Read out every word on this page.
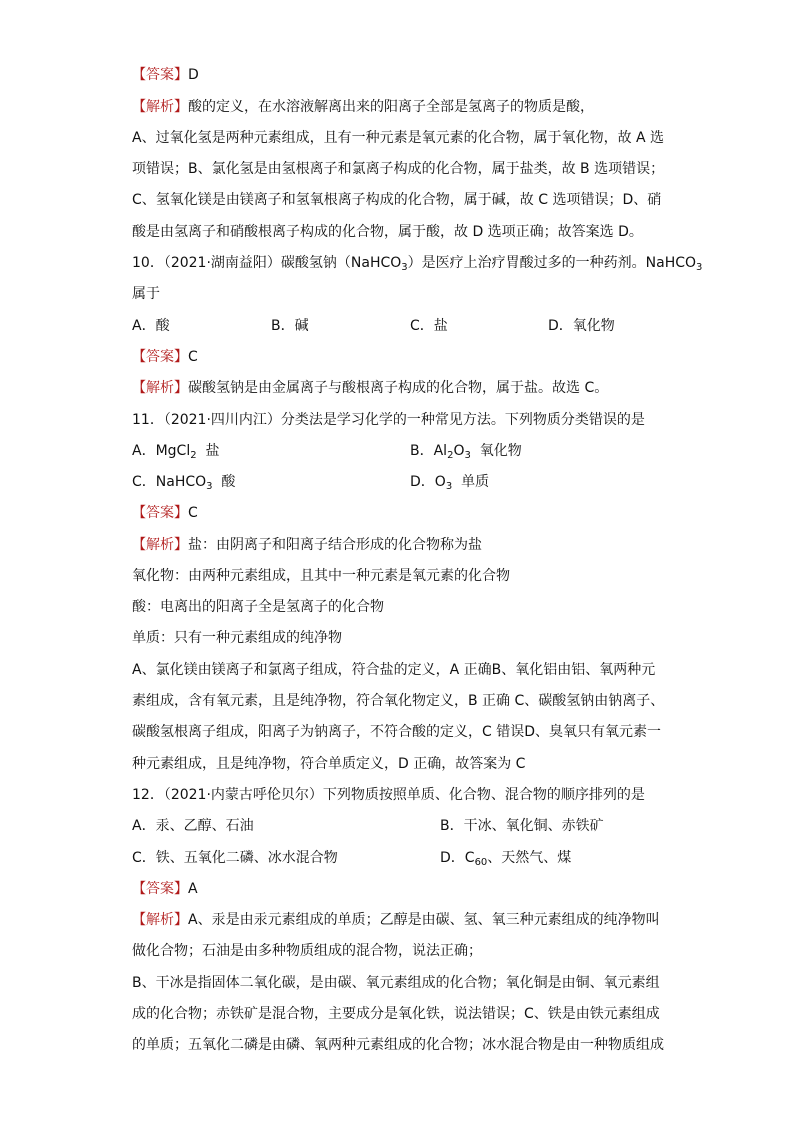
【答案】D
【解析】酸的定义，在水溶液解离出来的阳离子全部是氢离子的物质是酸，
A、过氧化氢是两种元素组成，且有一种元素是氧元素的化合物，属于氧化物，故 A 选
项错误；B、氯化氢是由氢根离子和氯离子构成的化合物，属于盐类，故 B 选项错误；
C、氢氧化镁是由镁离子和氢氧根离子构成的化合物，属于碱，故 C 选项错误；D、硝
酸是由氢离子和硝酸根离子构成的化合物，属于酸，故 D 选项正确；故答案选 D。
10．（2021·湖南益阳）碳酸氢钠（NaHCO$_3$）是医疗上治疗胃酸过多的一种药剂。NaHCO$_3$
属于
A．酸	B．碱	C．盐	D．氧化物
【答案】C
【解析】碳酸氢钠是由金属离子与酸根离子构成的化合物，属于盐。故选 C。
11．（2021·四川内江）分类法是学习化学的一种常见方法。下列物质分类错误的是
A．MgCl$_2$  盐	B．$Al_2O_3$  氧化物
C．NaHCO$_3$  酸	D．$O_3$  单质
【答案】C
【解析】盐：由阴离子和阳离子结合形成的化合物称为盐
氧化物：由两种元素组成，且其中一种元素是氧元素的化合物
酸：电离出的阳离子全是氢离子的化合物
单质：只有一种元素组成的纯净物
A、氯化镁由镁离子和氯离子组成，符合盐的定义，A 正确B、氧化铝由铝、氧两种元
素组成，含有氧元素，且是纯净物，符合氧化物定义，B 正确 C、碳酸氢钠由钠离子、
碳酸氢根离子组成，阳离子为钠离子，不符合酸的定义，C 错误D、臭氧只有氧元素一
种元素组成，且是纯净物，符合单质定义，D 正确，故答案为 C
12．（2021·内蒙古呼伦贝尔）下列物质按照单质、化合物、混合物的顺序排列的是
A．汞、乙醇、石油	B．干冰、氧化铜、赤铁矿
C．铁、五氧化二磷、冰水混合物	D．$C_{60}$、天然气、煤
【答案】A
【解析】A、汞是由汞元素组成的单质；乙醇是由碳、氢、氧三种元素组成的纯净物叫
做化合物；石油是由多种物质组成的混合物，说法正确；
B、干冰是指固体二氧化碳，是由碳、氧元素组成的化合物；氧化铜是由铜、氧元素组
成的化合物；赤铁矿是混合物，主要成分是氧化铁，说法错误；C、铁是由铁元素组成
的单质；五氧化二磷是由磷、氧两种元素组成的化合物；冰水混合物是由一种物质组成
